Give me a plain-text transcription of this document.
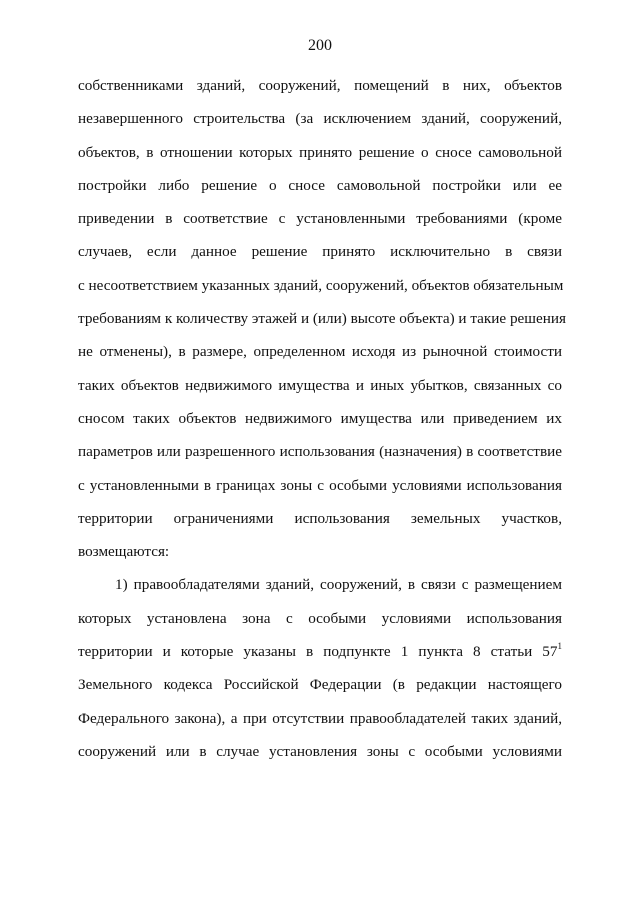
200
собственниками зданий, сооружений, помещений в них, объектов
незавершенного строительства (за исключением зданий, сооружений,
объектов, в отношении которых принято решение о сносе самовольной
постройки либо решение о сносе самовольной постройки или ее
приведении в соответствие с установленными требованиями (кроме
случаев, если данное решение принято исключительно в связи
с несоответствием указанных зданий, сооружений, объектов обязательным
требованиям к количеству этажей и (или) высоте объекта) и такие решения
не отменены), в размере, определенном исходя из рыночной стоимости
таких объектов недвижимого имущества и иных убытков, связанных со
сносом таких объектов недвижимого имущества или приведением их
параметров или разрешенного использования (назначения) в соответствие
с установленными в границах зоны с особыми условиями использования
территории ограничениями использования земельных участков,
возмещаются:
1) правообладателями зданий, сооружений, в связи с размещением
которых установлена зона с особыми условиями использования
территории и которые указаны в подпункте 1 пункта 8 статьи $57^1$
Земельного кодекса Российской Федерации (в редакции настоящего
Федерального закона), а при отсутствии правообладателей таких зданий,
сооружений или в случае установления зоны с особыми условиями
